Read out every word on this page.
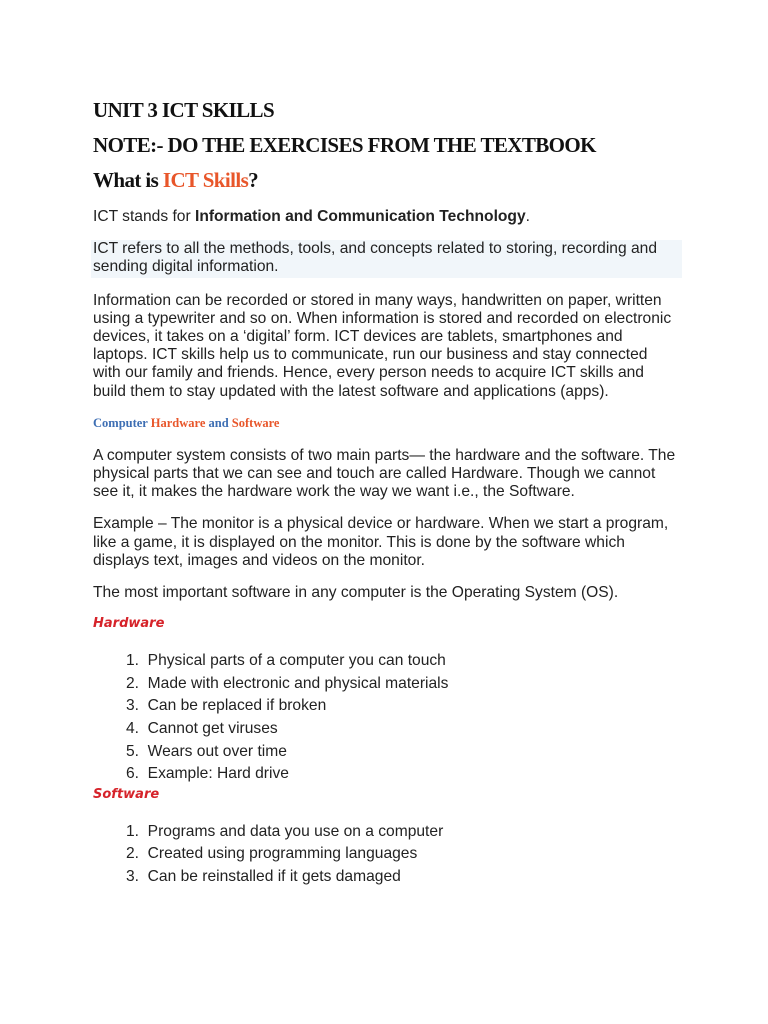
UNIT 3 ICT SKILLS
NOTE:- DO THE EXERCISES FROM THE TEXTBOOK
What is ICT Skills?

ICT stands for Information and Communication Technology.

ICT refers to all the methods, tools, and concepts related to storing, recording and sending digital information.

Information can be recorded or stored in many ways, handwritten on paper, written using a typewriter and so on. When information is stored and recorded on electronic devices, it takes on a ‘digital’ form. ICT devices are tablets, smartphones and laptops. ICT skills help us to communicate, run our business and stay connected with our family and friends. Hence, every person needs to acquire ICT skills and build them to stay updated with the latest software and applications (apps).

Computer Hardware and Software

A computer system consists of two main parts— the hardware and the software. The physical parts that we can see and touch are called Hardware. Though we cannot see it, it makes the hardware work the way we want i.e., the Software.

Example – The monitor is a physical device or hardware. When we start a program, like a game, it is displayed on the monitor. This is done by the software which displays text, images and videos on the monitor.

The most important software in any computer is the Operating System (OS).

Hardware

1.
Physical parts of a computer you can touch
2.
Made with electronic and physical materials
3.
Can be replaced if broken
4.
Cannot get viruses
5.
Wears out over time
6.
Example: Hard drive

Software

1.
Programs and data you use on a computer
2.
Created using programming languages
3.
Can be reinstalled if it gets damaged
